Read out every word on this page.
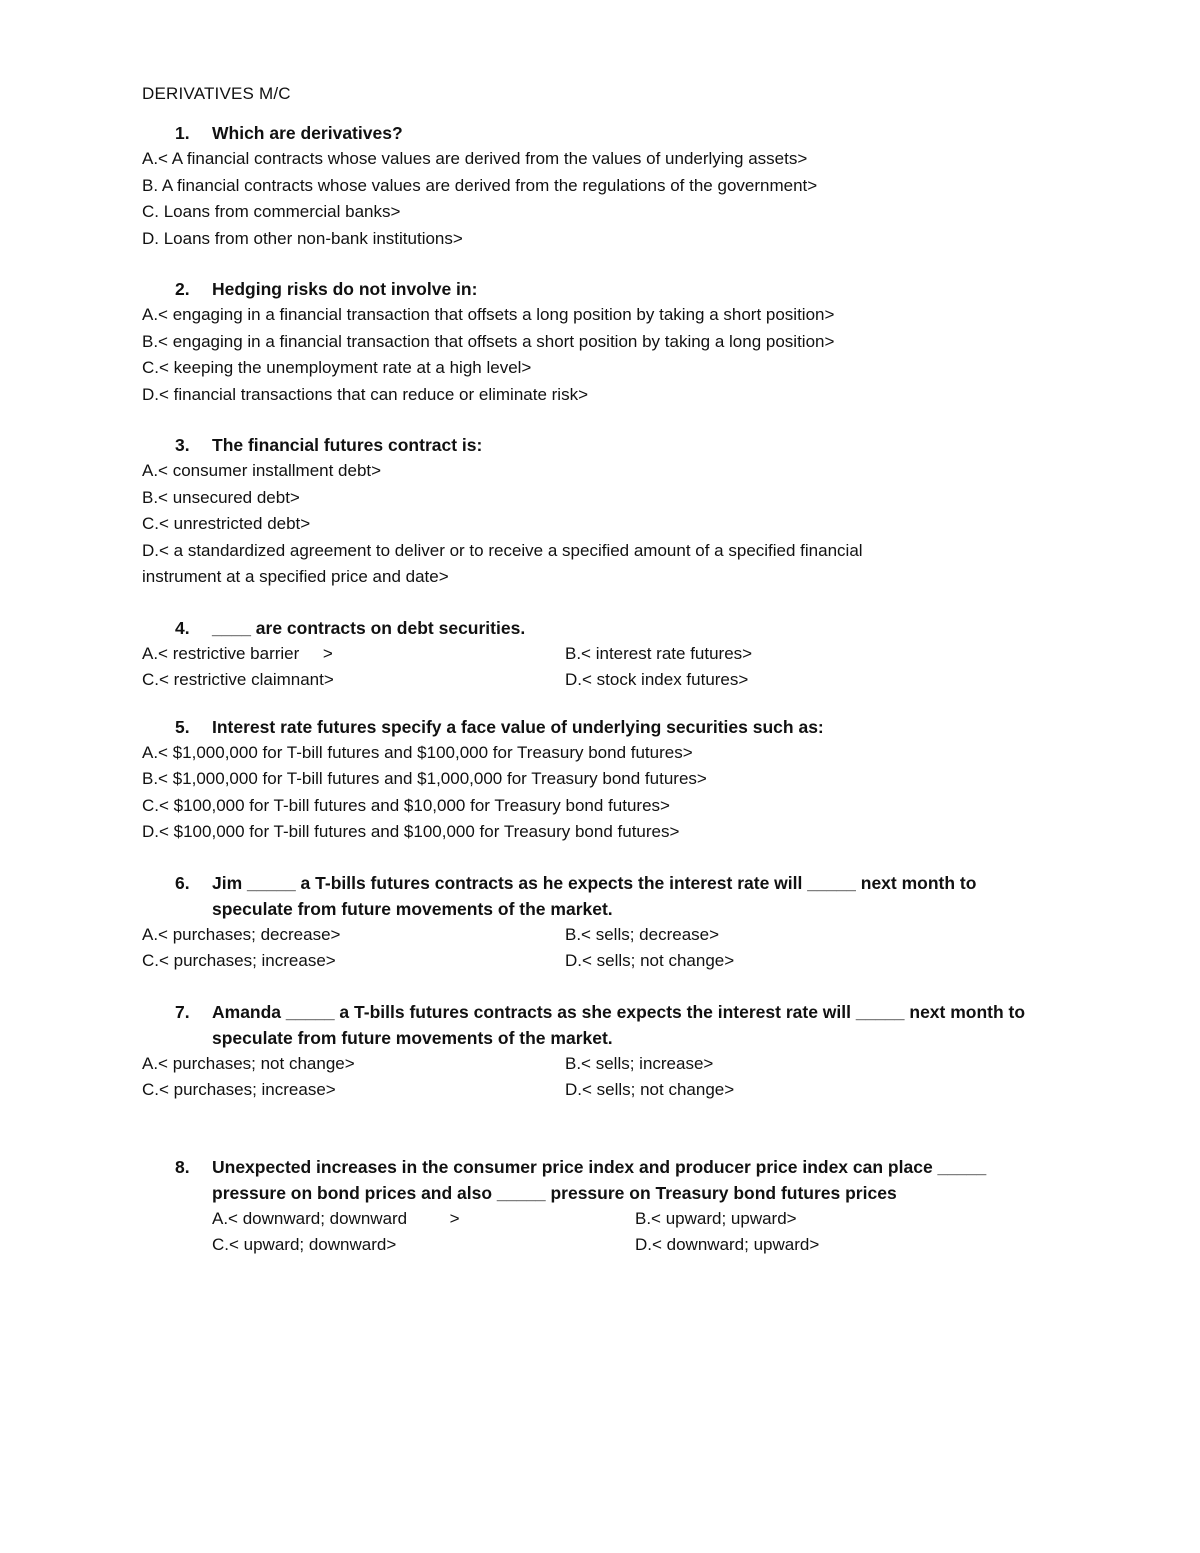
DERIVATIVES M/C
1.	Which are derivatives?
A.< A financial contracts whose values are derived from the values of underlying assets>
B. A financial contracts whose values are derived from the regulations of the government>
C. Loans from commercial banks>
D. Loans from other non-bank institutions>
2.	Hedging risks do not involve in:
A.< engaging in a financial transaction that offsets a long position by taking a short position>
B.< engaging in a financial transaction that offsets a short position by taking a long position>
C.< keeping the unemployment rate at a high level>
D.< financial transactions that can reduce or eliminate risk>
3.	The financial futures contract is:
A.< consumer installment debt>
B.< unsecured debt>
C.< unrestricted debt>
D.< a standardized agreement to deliver or to receive a specified amount of a specified financial
instrument at a specified price and date>
4.	____ are contracts on debt securities.
A.< restrictive barrier     >	B.< interest rate futures>
C.< restrictive claimnant>	D.< stock index futures>
5.	Interest rate futures specify a face value of underlying securities such as:
A.< $1,000,000 for T-bill futures and $100,000 for Treasury bond futures>
B.< $1,000,000 for T-bill futures and $1,000,000 for Treasury bond futures>
C.< $100,000 for T-bill futures and $10,000 for Treasury bond futures>
D.< $100,000 for T-bill futures and $100,000 for Treasury bond futures>
6.	Jim _____ a T-bills futures contracts as he expects the interest rate will _____ next month to speculate from future movements of the market.
A.< purchases; decrease>	B.< sells; decrease>
C.< purchases; increase>	D.< sells; not change>
7.	Amanda _____ a T-bills futures contracts as she expects the interest rate will _____ next month to speculate from future movements of the market.
A.< purchases; not change>	B.< sells; increase>
C.< purchases; increase>	D.< sells; not change>
8.	Unexpected increases in the consumer price index and producer price index can place _____ pressure on bond prices and also _____ pressure on Treasury bond futures prices
A.< downward; downward         >	B.< upward; upward>
C.< upward; downward>	D.< downward; upward>
